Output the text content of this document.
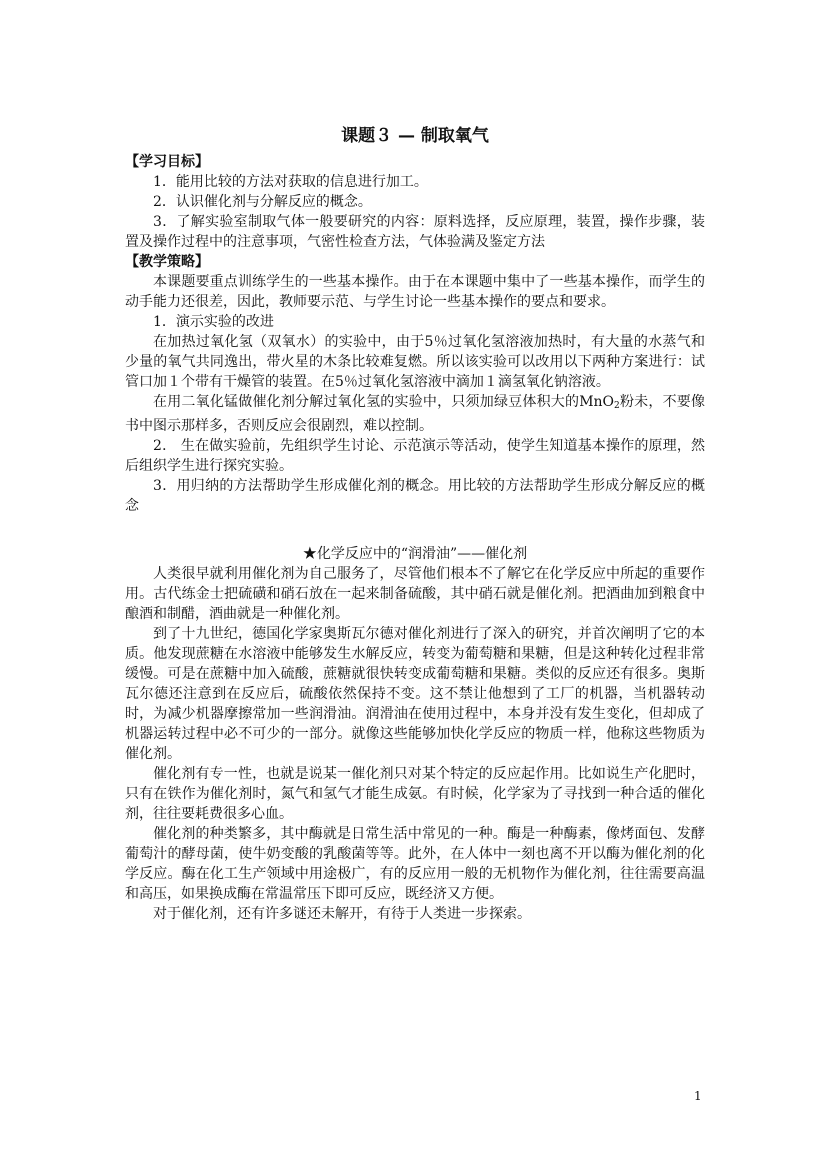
课题３ — 制取氧气

【学习目标】

1．能用比较的方法对获取的信息进行加工。

2．认识催化剂与分解反应的概念。

3．了解实验室制取气体一般要研究的内容：原料选择，反应原理，装置，操作步骤，装置及操作过程中的注意事项，气密性检查方法，气体验满及鉴定方法

【教学策略】

本课题要重点训练学生的一些基本操作。由于在本课题中集中了一些基本操作，而学生的动手能力还很差，因此，教师要示范、与学生讨论一些基本操作的要点和要求。

1．演示实验的改进

在加热过氧化氢（双氧水）的实验中，由于5％过氧化氢溶液加热时，有大量的水蒸气和少量的氧气共同逸出，带火星的木条比较难复燃。所以该实验可以改用以下两种方案进行：试管口加１个带有干燥管的装置。在5％过氧化氢溶液中滴加１滴氢氧化钠溶液。

在用二氧化锰做催化剂分解过氧化氢的实验中，只须加绿豆体积大的MnO$_2$粉未，不要像书中图示那样多，否则反应会很剧烈，难以控制。

2． 生在做实验前，先组织学生讨论、示范演示等活动，使学生知道基本操作的原理，然后组织学生进行探究实验。

3．用归纳的方法帮助学生形成催化剂的概念。用比较的方法帮助学生形成分解反应的概念

★化学反应中的“润滑油”——催化剂

人类很早就利用催化剂为自己服务了，尽管他们根本不了解它在化学反应中所起的重要作用。古代练金士把硫磺和硝石放在一起来制备硫酸，其中硝石就是催化剂。把酒曲加到粮食中酿酒和制醋，酒曲就是一种催化剂。

到了十九世纪，德国化学家奥斯瓦尔德对催化剂进行了深入的研究，并首次阐明了它的本质。他发现蔗糖在水溶液中能够发生水解反应，转变为葡萄糖和果糖，但是这种转化过程非常缓慢。可是在蔗糖中加入硫酸，蔗糖就很快转变成葡萄糖和果糖。类似的反应还有很多。奥斯瓦尔德还注意到在反应后，硫酸依然保持不变。这不禁让他想到了工厂的机器，当机器转动时，为减少机器摩擦常加一些润滑油。润滑油在使用过程中，本身并没有发生变化，但却成了机器运转过程中必不可少的一部分。就像这些能够加快化学反应的物质一样，他称这些物质为催化剂。

催化剂有专一性，也就是说某一催化剂只对某个特定的反应起作用。比如说生产化肥时，只有在铁作为催化剂时，氮气和氢气才能生成氨。有时候，化学家为了寻找到一种合适的催化剂，往往要耗费很多心血。

催化剂的种类繁多，其中酶就是日常生活中常见的一种。酶是一种酶素，像烤面包、发酵葡萄汁的酵母菌，使牛奶变酸的乳酸菌等等。此外，在人体中一刻也离不开以酶为催化剂的化学反应。酶在化工生产领域中用途极广，有的反应用一般的无机物作为催化剂，往往需要高温和高压，如果换成酶在常温常压下即可反应，既经济又方便。

对于催化剂，还有许多谜还未解开，有待于人类进一步探索。

1
